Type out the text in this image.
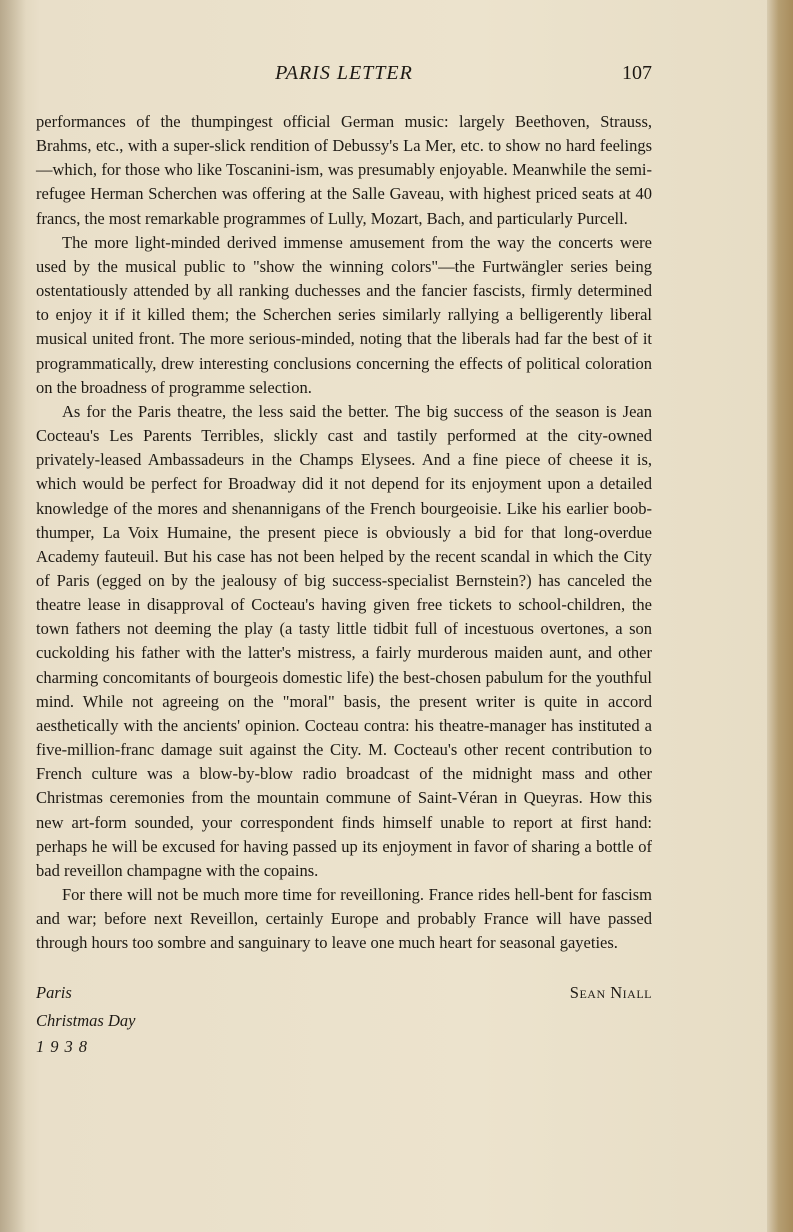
PARIS LETTER	107

performances of the thumpingest official German music: largely Beethoven, Strauss, Brahms, etc., with a super-slick rendition of Debussy's La Mer, etc. to show no hard feelings—which, for those who like Toscanini-ism, was presumably enjoyable. Meanwhile the semi-refugee Herman Scherchen was offering at the Salle Gaveau, with highest priced seats at 40 francs, the most remarkable programmes of Lully, Mozart, Bach, and particularly Purcell.

The more light-minded derived immense amusement from the way the concerts were used by the musical public to "show the winning colors"—the Furtwängler series being ostentatiously attended by all ranking duchesses and the fancier fascists, firmly determined to enjoy it if it killed them; the Scherchen series similarly rallying a belligerently liberal musical united front. The more serious-minded, noting that the liberals had far the best of it programmatically, drew interesting conclusions concerning the effects of political coloration on the broadness of programme selection.

As for the Paris theatre, the less said the better. The big success of the season is Jean Cocteau's Les Parents Terribles, slickly cast and tastily performed at the city-owned privately-leased Ambassadeurs in the Champs Elysees. And a fine piece of cheese it is, which would be perfect for Broadway did it not depend for its enjoyment upon a detailed knowledge of the mores and shenannigans of the French bourgeoisie. Like his earlier boob-thumper, La Voix Humaine, the present piece is obviously a bid for that long-overdue Academy fauteuil. But his case has not been helped by the recent scandal in which the City of Paris (egged on by the jealousy of big success-specialist Bernstein?) has canceled the theatre lease in disapproval of Cocteau's having given free tickets to school-children, the town fathers not deeming the play (a tasty little tidbit full of incestuous overtones, a son cuckolding his father with the latter's mistress, a fairly murderous maiden aunt, and other charming concomitants of bourgeois domestic life) the best-chosen pabulum for the youthful mind. While not agreeing on the "moral" basis, the present writer is quite in accord aesthetically with the ancients' opinion. Cocteau contra: his theatre-manager has instituted a five-million-franc damage suit against the City. M. Cocteau's other recent contribution to French culture was a blow-by-blow radio broadcast of the midnight mass and other Christmas ceremonies from the mountain commune of Saint-Véran in Queyras. How this new art-form sounded, your correspondent finds himself unable to report at first hand: perhaps he will be excused for having passed up its enjoyment in favor of sharing a bottle of bad reveillon champagne with the copains.

For there will not be much more time for reveilloning. France rides hell-bent for fascism and war; before next Reveillon, certainly Europe and probably France will have passed through hours too sombre and sanguinary to leave one much heart for seasonal gayeties.

Paris	Sean Niall
Christmas Day
1938
